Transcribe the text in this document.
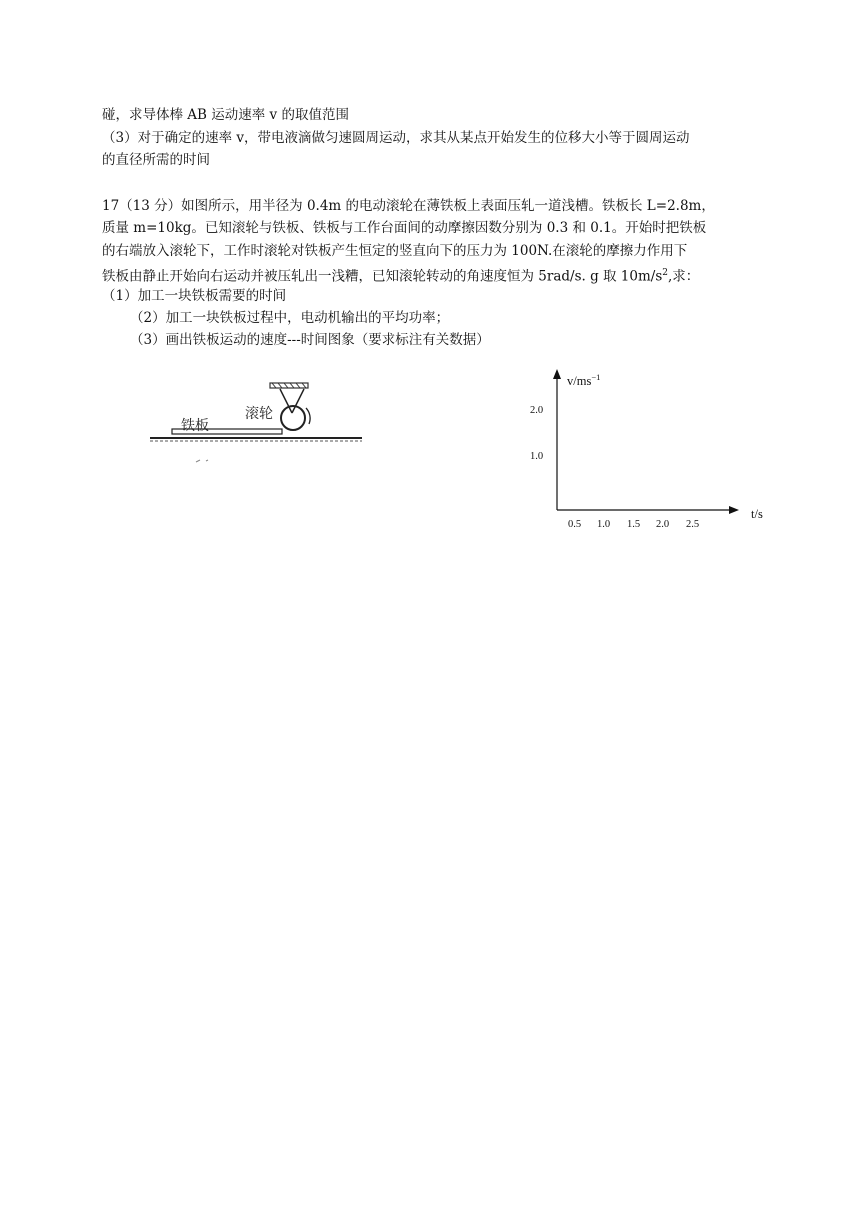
碰，求导体棒 AB 运动速率 v 的取值范围
（3）对于确定的速率 v，带电液滴做匀速圆周运动，求其从某点开始发生的位移大小等于圆周运动
的直径所需的时间
17（13 分）如图所示，用半径为 0.4m 的电动滚轮在薄铁板上表面压轧一道浅槽。铁板长 L=2.8m，
质量 m=10kg。已知滚轮与铁板、铁板与工作台面间的动摩擦因数分别为 0.3 和 0.1。开始时把铁板
的右端放入滚轮下，工作时滚轮对铁板产生恒定的竖直向下的压力为 100N.在滚轮的摩擦力作用下
铁板由静止开始向右运动并被压轧出一浅糟，已知滚轮转动的角速度恒为 5rad/s. g 取 $10m/s^2$,求：
（1）加工一块铁板需要的时间
（2）加工一块铁板过程中，电动机输出的平均功率；
（3）画出铁板运动的速度---时间图象（要求标注有关数据）
滚轮
铁板
$v/ms^{-1}$
t/s
2.0
1.0
0.5 1.0 1.5 2.0 2.5
